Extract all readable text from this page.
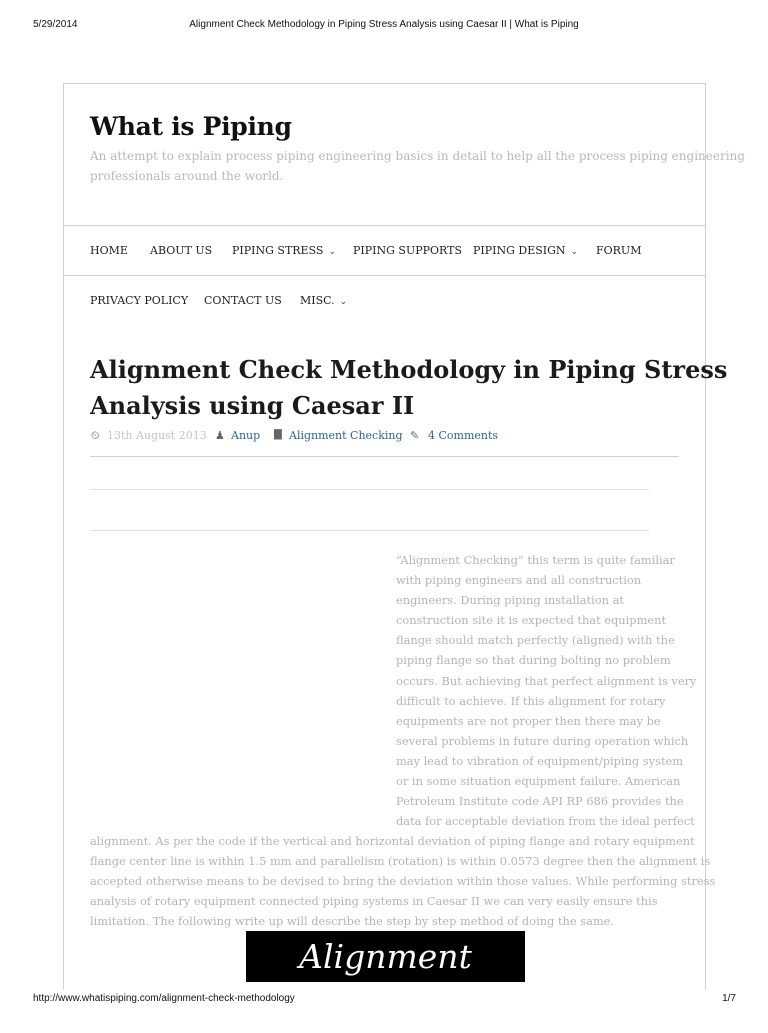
5/29/2014	Alignment Check Methodology in Piping Stress Analysis using Caesar II | What is Piping
What is Piping
An attempt to explain process piping engineering basics in detail to help all the process piping engineering
professionals around the world.
HOME ABOUT US PIPING STRESS ⌄ PIPING SUPPORTS PIPING DESIGN ⌄ FORUM
PRIVACY POLICY CONTACT US MISC. ⌄
Alignment Check Methodology in Piping Stress
Analysis using Caesar II
⏲ 13th August 2013 ♟ Anup ▇ Alignment Checking ✎ 4 Comments
“Alignment Checking” this term is quite familiar
with piping engineers and all construction
engineers. During piping installation at
construction site it is expected that equipment
flange should match perfectly (aligned) with the
piping flange so that during bolting no problem
occurs. But achieving that perfect alignment is very
difficult to achieve. If this alignment for rotary
equipments are not proper then there may be
several problems in future during operation which
may lead to vibration of equipment/piping system
or in some situation equipment failure. American
Petroleum Institute code API RP 686 provides the
data for acceptable deviation from the ideal perfect
alignment. As per the code if the vertical and horizontal deviation of piping flange and rotary equipment
flange center line is within 1.5 mm and parallelism (rotation) is within 0.0573 degree then the alignment is
accepted otherwise means to be devised to bring the deviation within those values. While performing stress
analysis of rotary equipment connected piping systems in Caesar II we can very easily ensure this
limitation. The following write up will describe the step by step method of doing the same.
Alignment Check
http://www.whatispiping.com/alignment-check-methodology	1/7
